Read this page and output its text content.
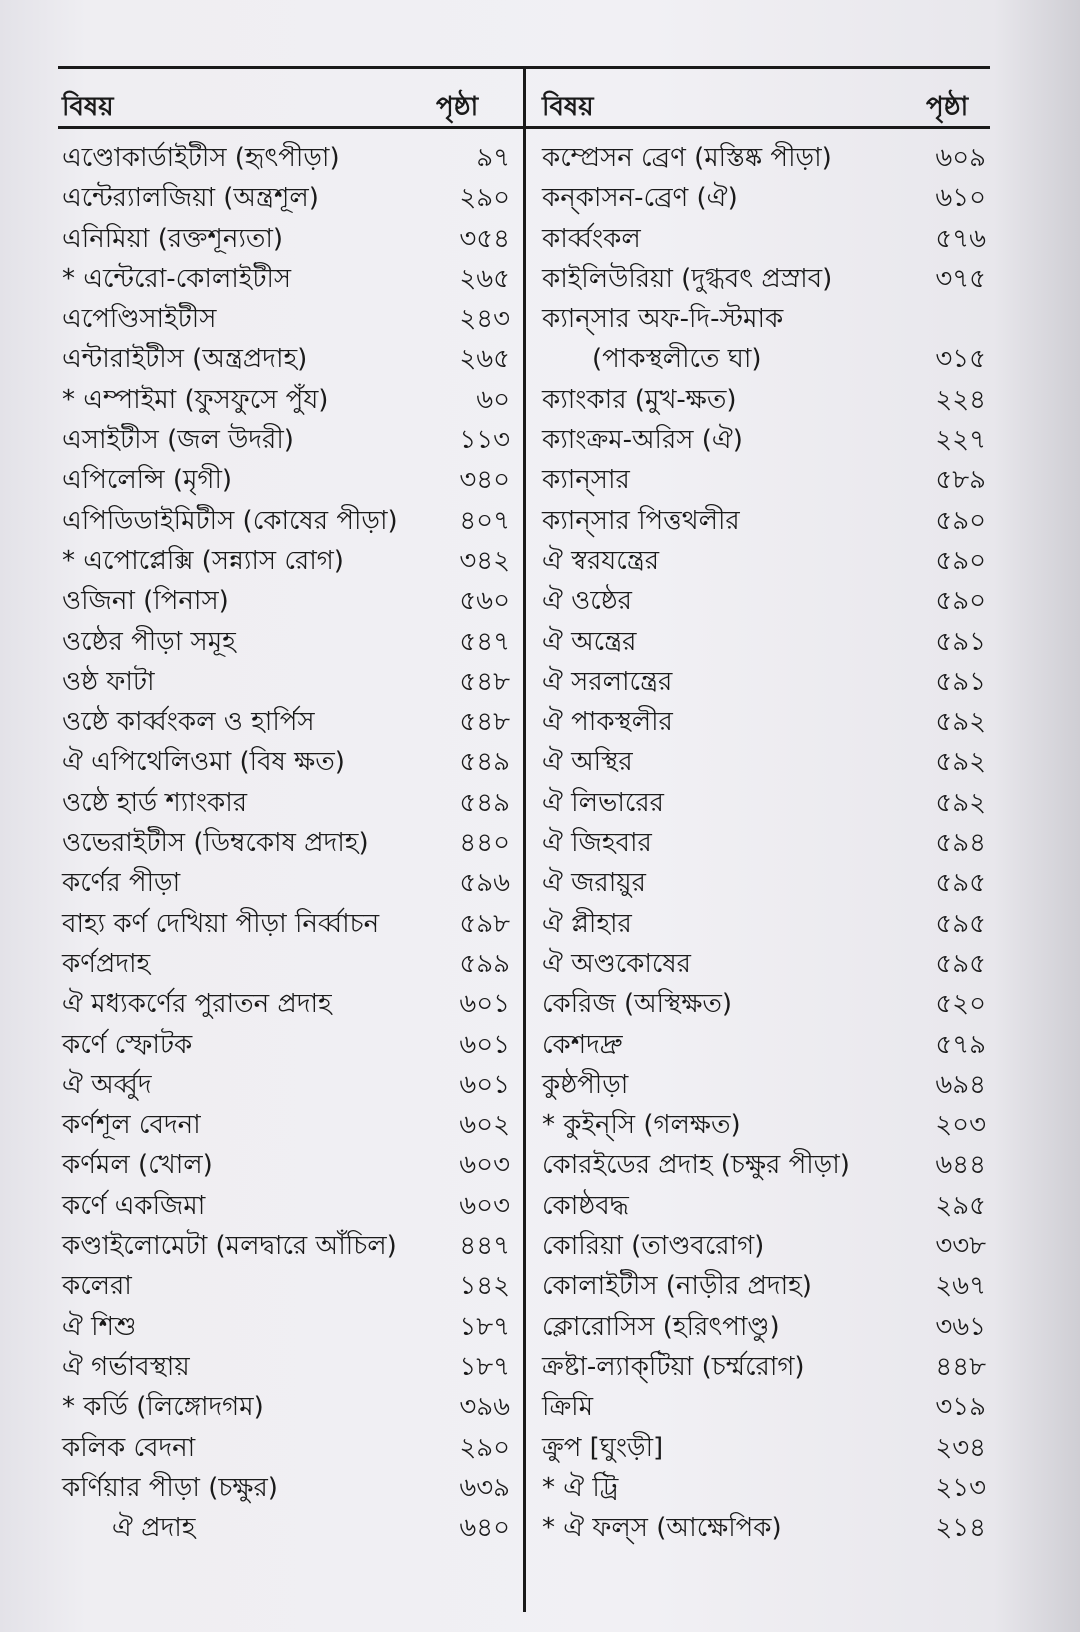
বিষয়	পৃষ্ঠা বিষয়	পৃষ্ঠা
এণ্ডোকার্ডাইটীস (হৃৎপীড়া)	৯৭
এন্টের‍্যালজিয়া (অন্ত্রশূল)	২৯০
এনিমিয়া (রক্তশূন্যতা)	৩৫৪
* এন্টেরো-কোলাইটীস	২৬৫
এপেণ্ডিসাইটীস	২৪৩
এন্টারাইটীস (অন্ত্রপ্রদাহ)	২৬৫
* এম্পাইমা (ফুসফুসে পুঁয)	৬০
এসাইটীস (জল উদরী)	১১৩
এপিলেন্সি (মৃগী)	৩৪০
এপিডিডাইমিটীস (কোষের পীড়া) ৪০৭
* এপোপ্লেক্সি (সন্ন্যাস রোগ)	৩৪২
ওজিনা (পিনাস)	৫৬০
ওষ্ঠের পীড়া সমূহ	৫৪৭
ওষ্ঠ ফাটা	৫৪৮
ওষ্ঠে কার্ব্বংকল ও হার্পিস	৫৪৮
ঐ এপিথেলিওমা (বিষ ক্ষত)	৫৪৯
ওষ্ঠে হার্ড শ্যাংকার	৫৪৯
ওভেরাইটীস (ডিম্বকোষ প্রদাহ)	৪৪০
কর্ণের পীড়া	৫৯৬
বাহ্য কর্ণ দেখিয়া পীড়া নির্ব্বাচন	৫৯৮
কর্ণপ্রদাহ	৫৯৯
ঐ মধ্যকর্ণের পুরাতন প্রদাহ	৬০১
কর্ণে স্ফোটক	৬০১
ঐ অর্ব্বুদ	৬০১
কর্ণশূল বেদনা	৬০২
কর্ণমল (খোল)	৬০৩
কর্ণে একজিমা	৬০৩
কণ্ডাইলোমেটা (মলদ্বারে আঁচিল) ৪৪৭
কলেরা	১৪২
ঐ শিশু	১৮৭
ঐ গর্ভাবস্থায়	১৮৭
* কর্ডি (লিঙ্গোদগম)	৩৯৬
কলিক বেদনা	২৯০
কর্ণিয়ার পীড়া (চক্ষুর)	৬৩৯
ঐ প্রদাহ	৬৪০
কম্প্রেসন ব্রেণ (মস্তিষ্ক পীড়া)	৬০৯
কন্‌কাসন-ব্রেণ (ঐ)	৬১০
কার্ব্বংকল	৫৭৬
কাইলিউরিয়া (দুগ্ধবৎ প্রস্রাব)	৩৭৫
ক্যান্‌সার অফ-দি-স্টমাক
(পাকস্থলীতে ঘা)	৩১৫
ক্যাংকার (মুখ-ক্ষত)	২২৪
ক্যাংক্রম-অরিস (ঐ)	২২৭
ক্যান্‌সার	৫৮৯
ক্যান্‌সার পিত্তথলীর	৫৯০
ঐ স্বরযন্ত্রের	৫৯০
ঐ ওষ্ঠের	৫৯০
ঐ অন্ত্রের	৫৯১
ঐ সরলান্ত্রের	৫৯১
ঐ পাকস্থলীর	৫৯২
ঐ অস্থির	৫৯২
ঐ লিভারের	৫৯২
ঐ জিহবার	৫৯৪
ঐ জরায়ুর	৫৯৫
ঐ প্লীহার	৫৯৫
ঐ অণ্ডকোষের	৫৯৫
কেরিজ (অস্থিক্ষত)	৫২০
কেশদদ্রু	৫৭৯
কুষ্ঠপীড়া	৬৯৪
* কুইন্‌সি (গলক্ষত)	২০৩
কোরইডের প্রদাহ (চক্ষুর পীড়া)	৬৪৪
কোষ্ঠবদ্ধ	২৯৫
কোরিয়া (তাণ্ডবরোগ)	৩৩৮
কোলাইটীস (নাড়ীর প্রদাহ)	২৬৭
ক্লোরোসিস (হরিৎপাণ্ডু)	৩৬১
ক্রষ্টা-ল্যাক্‌টিয়া (চর্ম্মরোগ)	৪৪৮
ক্রিমি	৩১৯
ক্রুপ [ঘুংড়ী]	২৩৪
* ঐ ট্রি	২১৩
* ঐ ফল্‌স (আক্ষেপিক)	২১৪
